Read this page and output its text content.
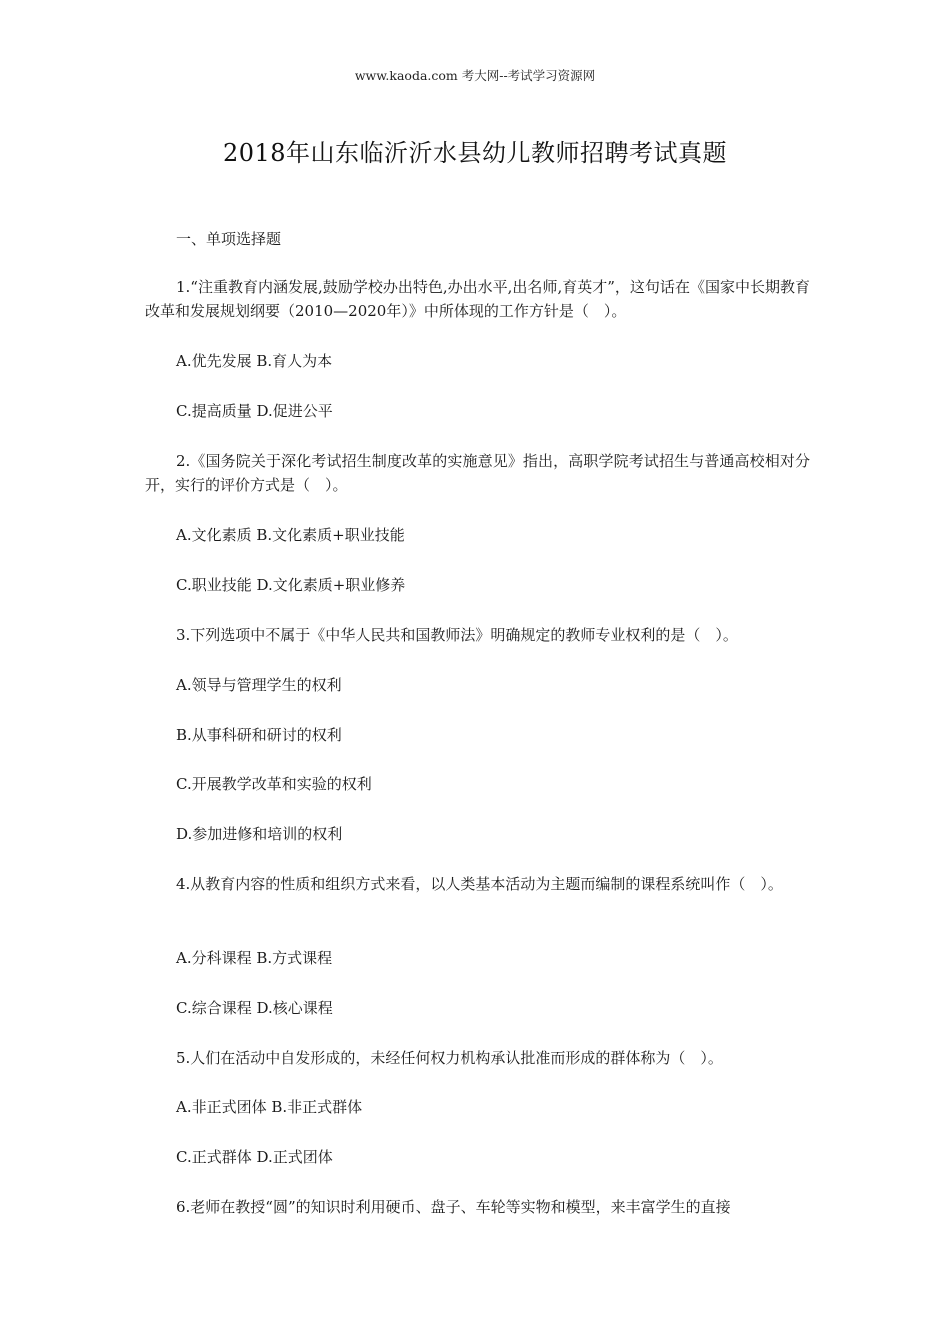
www.kaoda.com 考大网--考试学习资源网
2018年山东临沂沂水县幼儿教师招聘考试真题
一、单项选择题
1.“注重教育内涵发展,鼓励学校办出特色,办出水平,出名师,育英才”，这句话在《国家中长期教育改革和发展规划纲要（2010—2020年）》中所体现的工作方针是（　）。
A.优先发展 B.育人为本
C.提高质量 D.促进公平
2.《国务院关于深化考试招生制度改革的实施意见》指出，高职学院考试招生与普通高校相对分开，实行的评价方式是（　）。
A.文化素质 B.文化素质+职业技能
C.职业技能 D.文化素质+职业修养
3.下列选项中不属于《中华人民共和国教师法》明确规定的教师专业权利的是（　）。
A.领导与管理学生的权利
B.从事科研和研讨的权利
C.开展教学改革和实验的权利
D.参加进修和培训的权利
4.从教育内容的性质和组织方式来看，以人类基本活动为主题而编制的课程系统叫作（　）。
A.分科课程 B.方式课程
C.综合课程 D.核心课程
5.人们在活动中自发形成的，未经任何权力机构承认批准而形成的群体称为（　）。
A.非正式团体 B.非正式群体
C.正式群体 D.正式团体
6.老师在教授“圆”的知识时利用硬币、盘子、车轮等实物和模型，来丰富学生的直接
